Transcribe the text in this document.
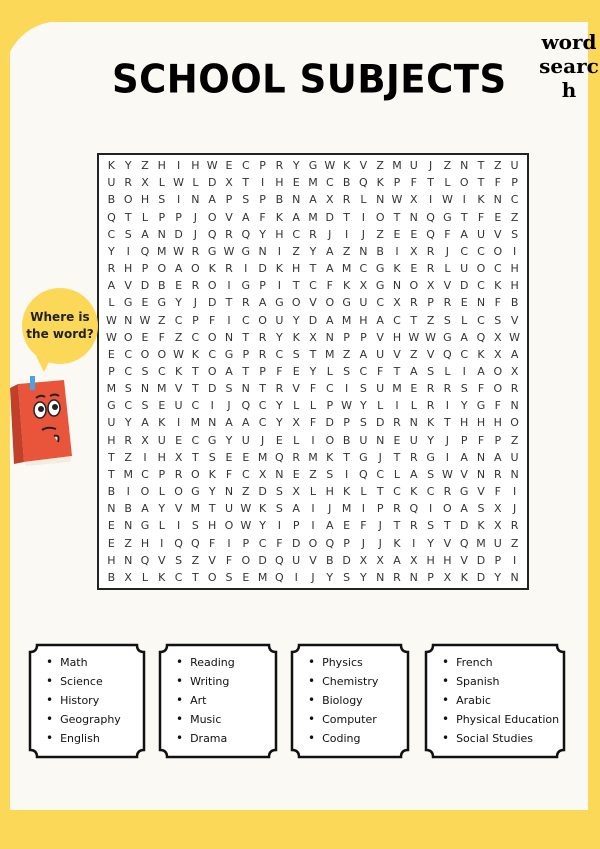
SCHOOL SUBJECTS
word search
K Y Z H	I	H W E C P R Y G W K V Z M U	J	Z N T Z U
U R X L W L D X T	I	H E M C B Q K P F T L O T F P
B O H S	I	N A P S P B N A X R L N W X	I W I	K N C
Q T L P P	J O V A F K A M D T	I O T N Q G T F E Z
C S A N D J Q R Q Y H C R	J	I	J	Z E E Q F A U V S
Y	I Q M W R G W G N	I	Z Y A Z N B	I	X R	J	C C O I
R H P O A O K R	I D K H T A M C G K E R L U O C H
A V D B E R O I G P	I	T C F K X G N O X V D C K H
L G E G Y	J D T R A G O V O G U C X R P R E N F B
W N W Z C P F	I	C O U Y D A M H A C T Z S L C S V
W O E F Z C O N T R Y K X N P P V H W W G A Q X W
E C O O W K C G P R C S T M Z A U V Z V Q C K X A
P C S C K T O A T P F E Y L S C F T A S L	I	A O X
M S N M V T D S N T R V F C	I	S U M E R R S F O R
G C S E U C	I	J Q C Y L L P W Y L	I	L R	I	Y G F N
U Y A K	I M N A A C Y X F D P S D R N K T H H H O
H R X U E C G Y U	J	E L	I O B U N E U Y	J	P F P Z
T Z	I	H X T S E E M Q R M K T G J	T R G I	A N A U
T M C P R O K F C X N E Z S	I Q C L A S W V N R N
B	I O L O G Y N Z D S X L H K L T C K C R G V F	I
N B A Y V M T U W K S A	I	J M I	P R Q I O A S X	J
E N G L	I	S H O W Y	I	P	I	A E F	J	T R S T D K X R
E Z H	I Q Q F	I	P C F D O Q P	J	J	K	I	Y V Q M U Z
H N Q V S Z V F O D Q U V B D X X A X H H V D P	I
B X L K C T O S E M Q I	J	Y S Y N R N P X K D Y N
Where is the word?
• Math
• Science
• History
• Geography
• English
• Reading
• Writing
• Art
• Music
• Drama
• Physics
• Chemistry
• Biology
• Computer
• Coding
• French
• Spanish
• Arabic
• Physical Education
• Social Studies
